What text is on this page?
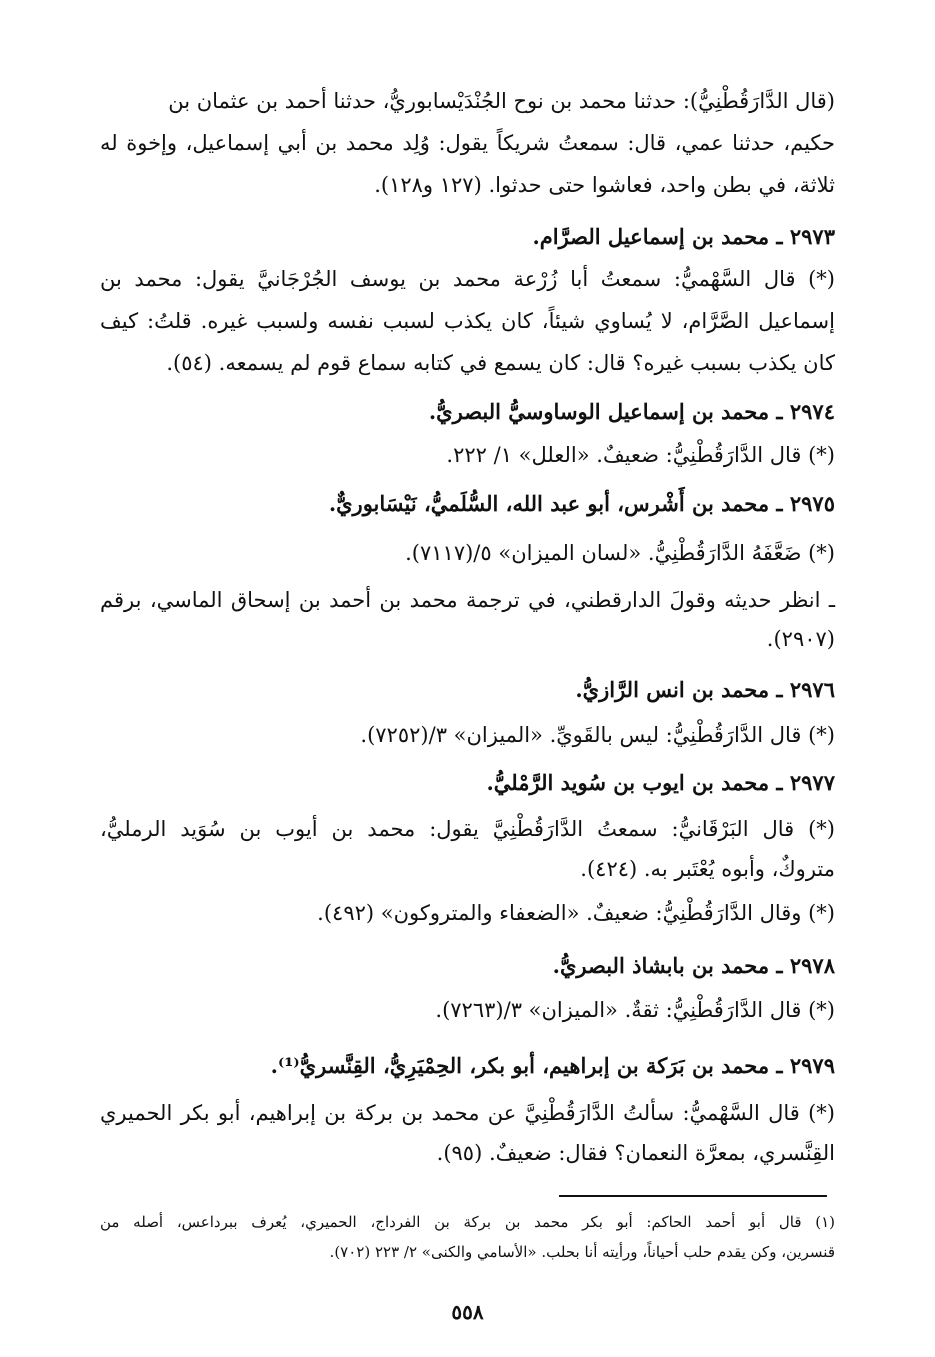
(قال الدَّارَقُطْنِيُّ): حدثنا محمد بن نوح الجُنْدَيْسابوريُّ، حدثنا أحمد بن عثمان بن
حكيم، حدثنا عمي، قال: سمعتُ شريكاً يقول: وُلِد محمد بن أبي إسماعيل، وإخوة له
ثلاثة، في بطن واحد، فعاشوا حتى حدثوا. (١٢٧ و١٢٨).
٢٩٧٣ ـ محمد بن إسماعيل الصرَّام.
(*) قال السَّهْميُّ: سمعتُ أبا زُرْعة محمد بن يوسف الجُرْجَانيَّ يقول: محمد بن
إسماعيل الصَّرَّام، لا يُساوي شيئاً، كان يكذب لسبب نفسه ولسبب غيره. قلتُ: كيف
كان يكذب بسبب غيره؟ قال: كان يسمع في كتابه سماع قوم لم يسمعه. (٥٤).
٢٩٧٤ ـ محمد بن إسماعيل الوساوسيُّ البصريُّ.
(*) قال الدَّارَقُطْنِيُّ: ضعيفٌ. «العلل» ١/ ٢٢٢.
٢٩٧٥ ـ محمد بن أَشْرس، أبو عبد الله، السُّلَميُّ، نَيْسَابوريٌّ.
(*) ضَعَّفَهُ الدَّارَقُطْنِيُّ. «لسان الميزان» ٥/(٧١١٧).
ـ انظر حديثه وقولَ الدارقطني، في ترجمة محمد بن أحمد بن إسحاق الماسي، برقم
(٢٩٠٧).
٢٩٧٦ ـ محمد بن انس الرَّازيُّ.
(*) قال الدَّارَقُطْنِيُّ: ليس بالقَويِّ. «الميزان» ٣/(٧٢٥٢).
٢٩٧٧ ـ محمد بن ايوب بن سُويد الرَّمْليُّ.
(*) قال البَرْقَانيُّ: سمعتُ الدَّارَقُطْنِيَّ يقول: محمد بن أيوب بن سُوَيد الرمليُّ،
متروكٌ، وأبوه يُعْتَبر به. (٤٢٤).
(*) وقال الدَّارَقُطْنِيُّ: ضعيفٌ. «الضعفاء والمتروكون» (٤٩٢).
٢٩٧٨ ـ محمد بن بابشاذ البصريُّ.
(*) قال الدَّارَقُطْنِيُّ: ثقةٌ. «الميزان» ٣/(٧٢٦٣).
٢٩٧٩ ـ محمد بن بَرَكة بن إبراهيم، أبو بكر، الحِمْيَرِيُّ، القِنَّسريُّ⁽¹⁾.
(*) قال السَّهْميُّ: سألتُ الدَّارَقُطْنِيَّ عن محمد بن بركة بن إبراهيم، أبو بكر الحميري
القِنَّسري، بمعرَّة النعمان؟ فقال: ضعيفٌ. (٩٥).
(١) قال أبو أحمد الحاكم: أبو بكر محمد بن بركة بن الفرداج، الحميري، يُعرف ببرداعس، أصله من
قنسرين، وكن يقدم حلب أحياناً، ورأيته أنا بحلب. «الأسامي والكنى» ٢/ ٢٢٣ (٧٠٢).
٥٥٨
